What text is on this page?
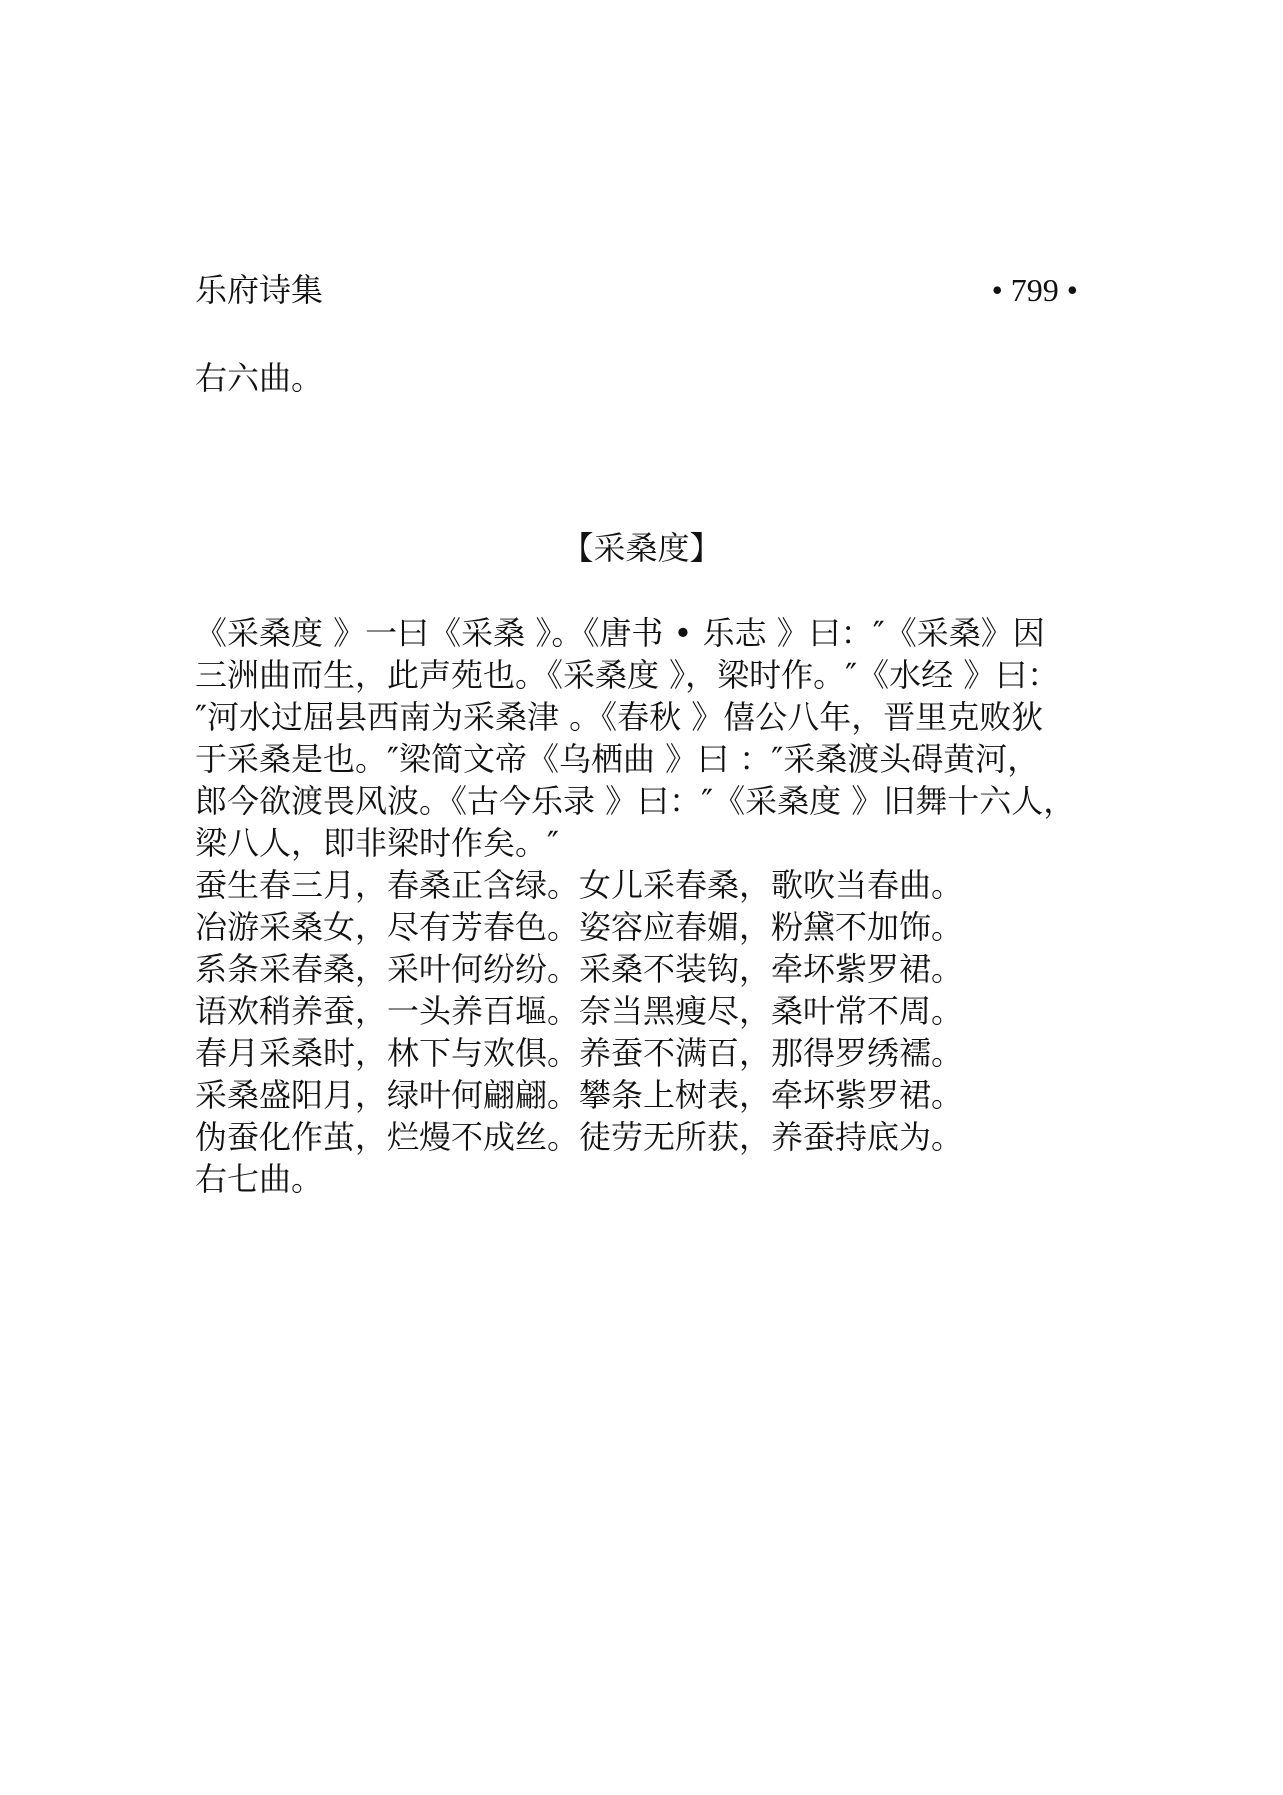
乐府诗集	• 799 •
右六曲。
【采桑度】
《采桑度 》一曰《采桑 》。《唐书 • 乐志 》曰：″《采桑》因
三洲曲而生，此声苑也。《采桑度 》，梁时作。″《水经 》曰：
″河水过屈县西南为采桑津 。《春秋 》僖公八年，晋里克败狄
于采桑是也。″梁简文帝《乌栖曲 》曰 ：″采桑渡头碍黄河，
郎今欲渡畏风波。《古今乐录 》曰：″《采桑度 》旧舞十六人，
梁八人，即非梁时作矣。″
蚕生春三月，春桑正含绿。女儿采春桑，歌吹当春曲。
冶游采桑女，尽有芳春色。姿容应春媚，粉黛不加饰。
系条采春桑，采叶何纷纷。采桑不装钩，牵坏紫罗裙。
语欢稍养蚕，一头养百塸。奈当黑瘦尽，桑叶常不周。
春月采桑时，林下与欢俱。养蚕不满百，那得罗绣襦。
采桑盛阳月，绿叶何翩翩。攀条上树表，牵坏紫罗裙。
伪蚕化作茧，烂熳不成丝。徒劳无所获，养蚕持底为。
右七曲。
